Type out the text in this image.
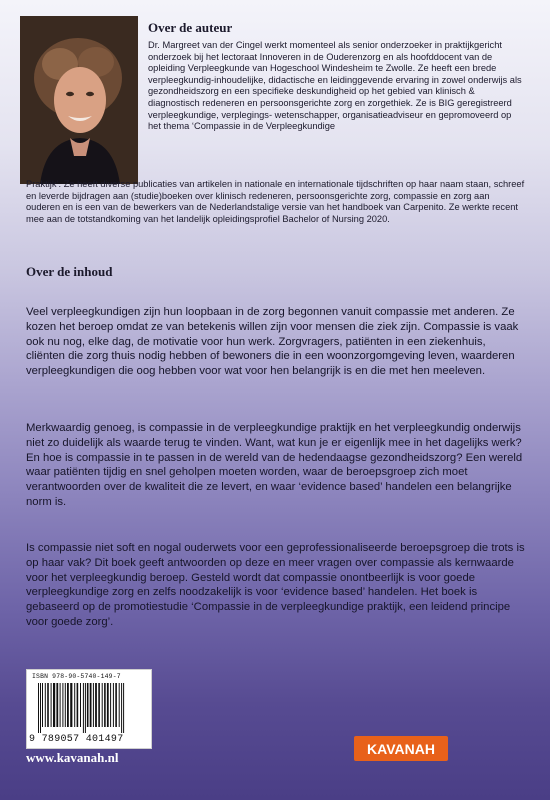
Over de auteur

Dr. Margreet van der Cingel werkt momenteel als senior onderzoeker in praktijkgericht onderzoek bij het lectoraat Innoveren in de Ouderenzorg en als hoofddocent van de opleiding Verpleegkunde van Hogeschool Windesheim te Zwolle. Ze heeft een brede verpleegkundig-inhoudelijke, didactische en leidinggevende ervaring in zowel onderwijs als gezondheidszorg en een specifieke deskundigheid op het gebied van klinisch & diagnostisch redeneren en persoonsgerichte zorg en zorgethiek. Ze is BIG geregistreerd verpleegkundige, verplegings- wetenschapper, organisatieadviseur en gepromoveerd op het thema ‘Compassie in de Verpleegkundige

Praktijk’. Ze heeft diverse publicaties van artikelen in nationale en internationale tijdschriften op haar naam staan, schreef en leverde bijdragen aan (studie)boeken over klinisch redeneren, persoonsgerichte zorg, compassie en zorg aan ouderen en is een van de bewerkers van de Nederlandstalige versie van het handboek van Carpenito. Ze werkte recent mee aan de totstandkoming van het landelijk opleidingsprofiel Bachelor of Nursing 2020.

Over de inhoud

Veel verpleegkundigen zijn hun loopbaan in de zorg begonnen vanuit compassie met anderen. Ze kozen het beroep omdat ze van betekenis willen zijn voor mensen die ziek zijn. Compassie is vaak ook nu nog, elke dag, de motivatie voor hun werk. Zorgvragers, patiënten in een ziekenhuis, cliënten die zorg thuis nodig hebben of bewoners die in een woonzorgomgeving leven, waarderen verpleegkundigen die oog hebben voor wat voor hen belangrijk is en die met hen meeleven.

Merkwaardig genoeg, is compassie in de verpleegkundige praktijk en het verpleegkundig onderwijs niet zo duidelijk als waarde terug te vinden. Want, wat kun je er eigenlijk mee in het dagelijks werk? En hoe is compassie in te passen in de wereld van de hedendaagse gezondheidszorg? Een wereld waar patiënten tijdig en snel geholpen moeten worden, waar de beroepsgroep zich moet verantwoorden over de kwaliteit die ze levert, en waar ‘evidence based’ handelen een belangrijke norm is.

Is compassie niet soft en nogal ouderwets voor een geprofessionaliseerde beroepsgroep die trots is op haar vak? Dit boek geeft antwoorden op deze en meer vragen over compassie als kernwaarde voor het verpleegkundig beroep. Gesteld wordt dat compassie onontbeerlijk is voor goede verpleegkundige zorg en zelfs noodzakelijk is voor ‘evidence based’ handelen. Het boek is gebaseerd op de promotiestudie ‘Compassie in de verpleegkundige praktijk, een leidend principe voor goede zorg’.

ISBN 978-90-5740-149-7

9 789057 401497

www.kavanah.nl

KAVANAH
